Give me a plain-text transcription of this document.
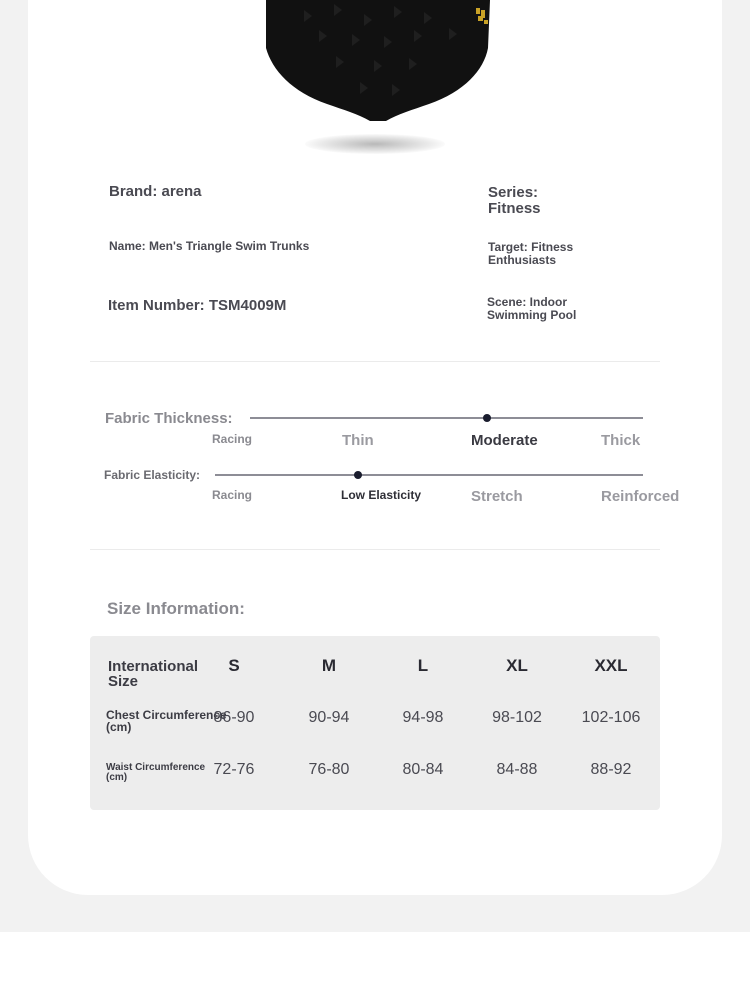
Brand: arena	Series:
Fitness
Name: Men's Triangle Swim Trunks	Target: Fitness
Enthusiasts
Item Number: TSM4009M	Scene: Indoor
Swimming Pool
Fabric Thickness:
Racing	Thin	Moderate	Thick
Fabric Elasticity:
Racing	Low Elasticity	Stretch	Reinforced
Size Information:
International
Size
S	M	L	XL	XXL
Chest Circumference
(cm)
86-90	90-94	94-98	98-102	102-106
Waist Circumference
(cm)	72-76	76-80	80-84	84-88	88-92
